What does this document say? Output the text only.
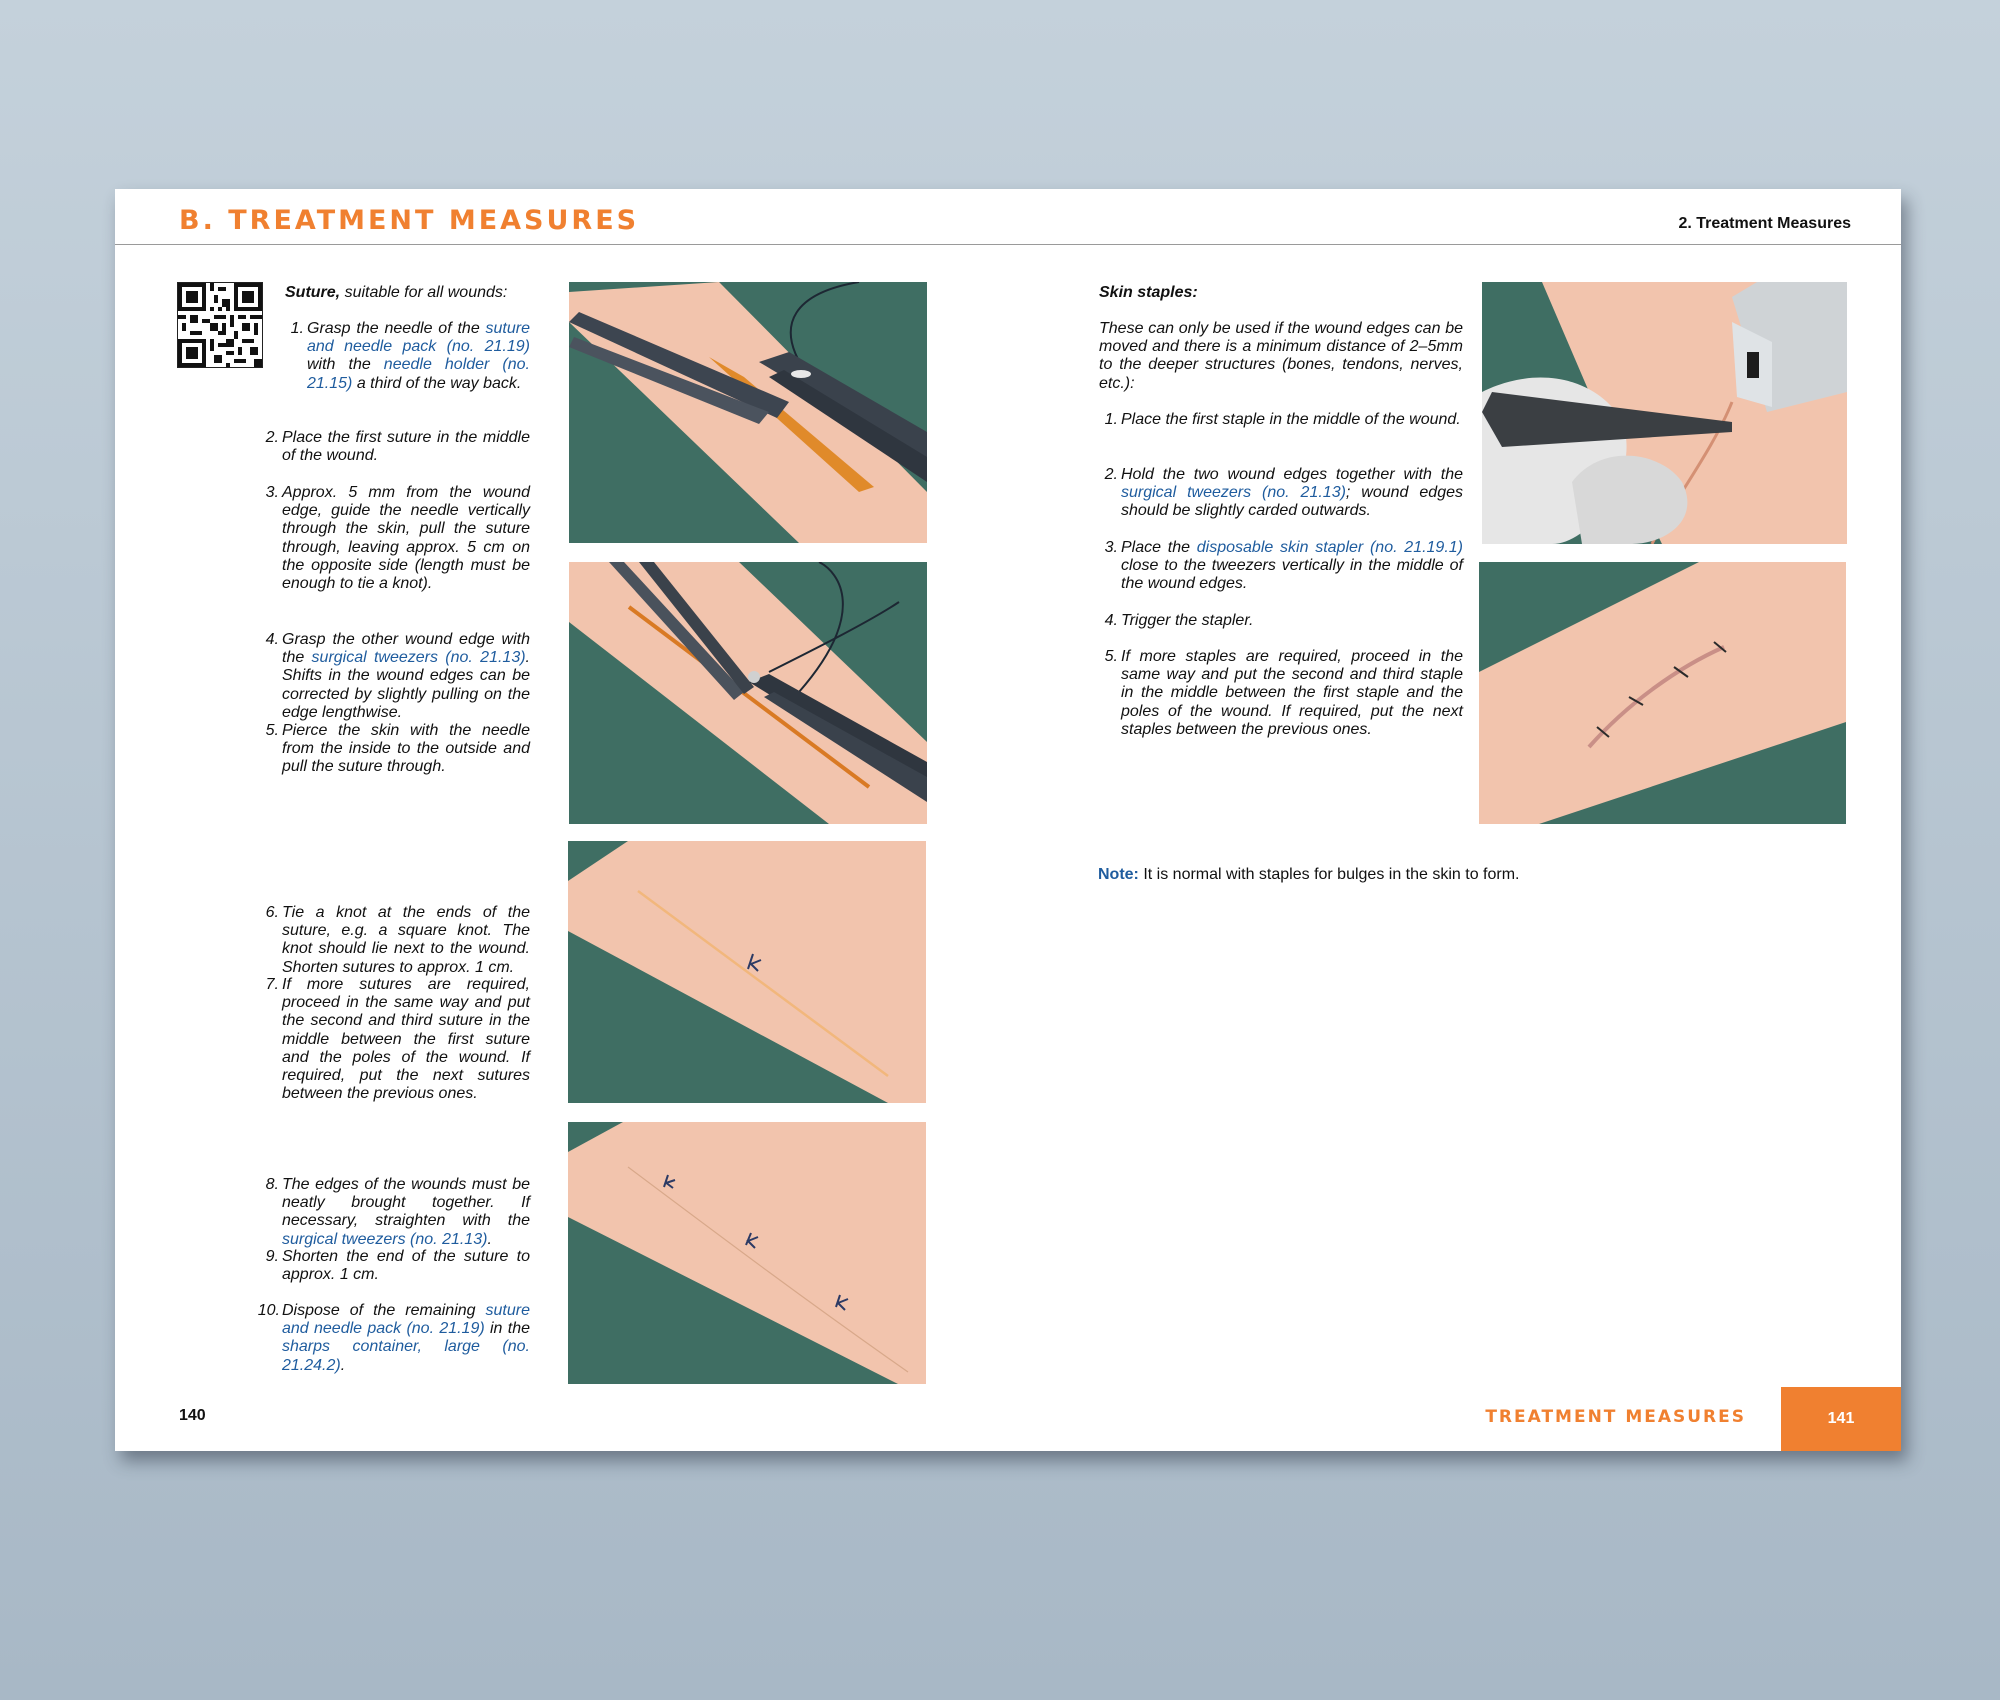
B. TREATMENT MEASURES	2. Treatment Measures
Suture, suitable for all wounds:
1. Grasp the needle of the suture and needle pack (no. 21.19) with the needle holder (no. 21.15) a third of the way back.
2. Place the first suture in the middle of the wound.
3. Approx. 5 mm from the wound edge, guide the needle vertically through the skin, pull the suture through, leaving approx. 5 cm on the opposite side (length must be enough to tie a knot).
4. Grasp the other wound edge with the surgical tweezers (no. 21.13). Shifts in the wound edges can be corrected by slightly pulling on the edge lengthwise.
5. Pierce the skin with the needle from the inside to the outside and pull the suture through.
6. Tie a knot at the ends of the suture, e.g. a square knot. The knot should lie next to the wound. Shorten sutures to approx. 1 cm.
7. If more sutures are required, proceed in the same way and put the second and third suture in the middle between the first suture and the poles of the wound. If required, put the next sutures between the previous ones.
8. The edges of the wounds must be neatly brought together. If necessary, straighten with the surgical tweezers (no. 21.13).
9. Shorten the end of the suture to approx. 1 cm.
10. Dispose of the remaining suture and needle pack (no. 21.19) in the sharps container, large (no. 21.24.2).
Skin staples:
These can only be used if the wound edges can be moved and there is a minimum distance of 2–5mm to the deeper structures (bones, tendons, nerves, etc.):
1. Place the first staple in the middle of the wound.
2. Hold the two wound edges together with the surgical tweezers (no. 21.13); wound edges should be slightly carded outwards.
3. Place the disposable skin stapler (no. 21.19.1) close to the tweezers vertically in the middle of the wound edges.
4. Trigger the stapler.
5. If more staples are required, proceed in the same way and put the second and third staple in the middle between the first staple and the poles of the wound. If required, put the next staples between the previous ones.
Note: It is normal with staples for bulges in the skin to form.
140	TREATMENT MEASURES	141
